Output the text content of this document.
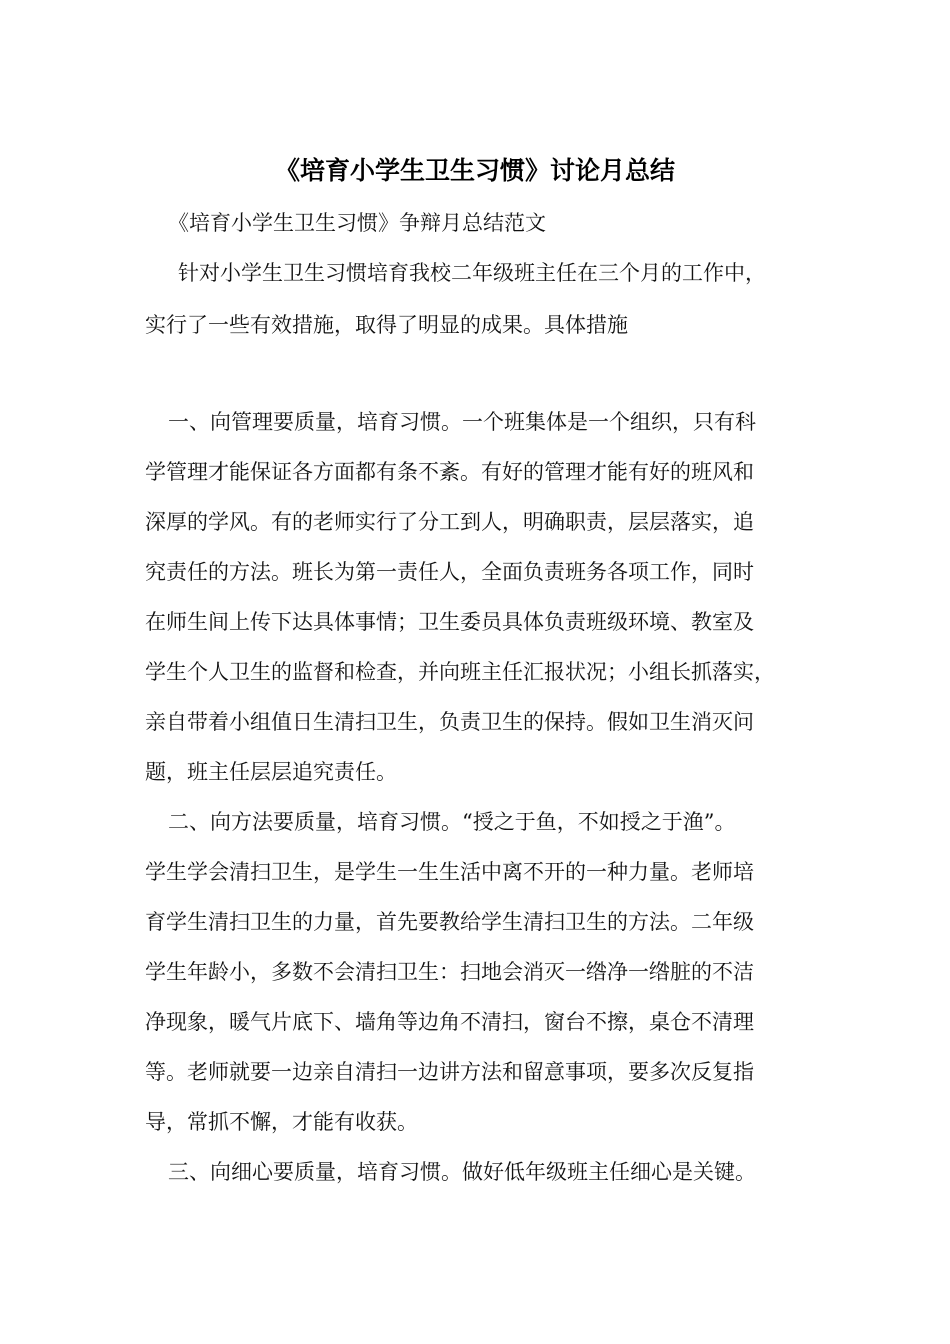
《培育小学生卫生习惯》讨论月总结
《培育小学生卫生习惯》争辩月总结范文
针对小学生卫生习惯培育我校二年级班主任在三个月的工作中，
实行了一些有效措施，取得了明显的成果。具体措施
一、向管理要质量，培育习惯。一个班集体是一个组织，只有科
学管理才能保证各方面都有条不紊。有好的管理才能有好的班风和
深厚的学风。有的老师实行了分工到人，明确职责，层层落实，追
究责任的方法。班长为第一责任人，全面负责班务各项工作，同时
在师生间上传下达具体事情；卫生委员具体负责班级环境、教室及
学生个人卫生的监督和检查，并向班主任汇报状况；小组长抓落实，
亲自带着小组值日生清扫卫生，负责卫生的保持。假如卫生消灭问
题，班主任层层追究责任。
二、向方法要质量，培育习惯。“授之于鱼，不如授之于渔”。
学生学会清扫卫生，是学生一生生活中离不开的一种力量。老师培
育学生清扫卫生的力量，首先要教给学生清扫卫生的方法。二年级
学生年龄小，多数不会清扫卫生：扫地会消灭一绺净一绺脏的不洁
净现象，暖气片底下、墙角等边角不清扫，窗台不擦，桌仓不清理
等。老师就要一边亲自清扫一边讲方法和留意事项，要多次反复指
导，常抓不懈，才能有收获。
三、向细心要质量，培育习惯。做好低年级班主任细心是关键。
